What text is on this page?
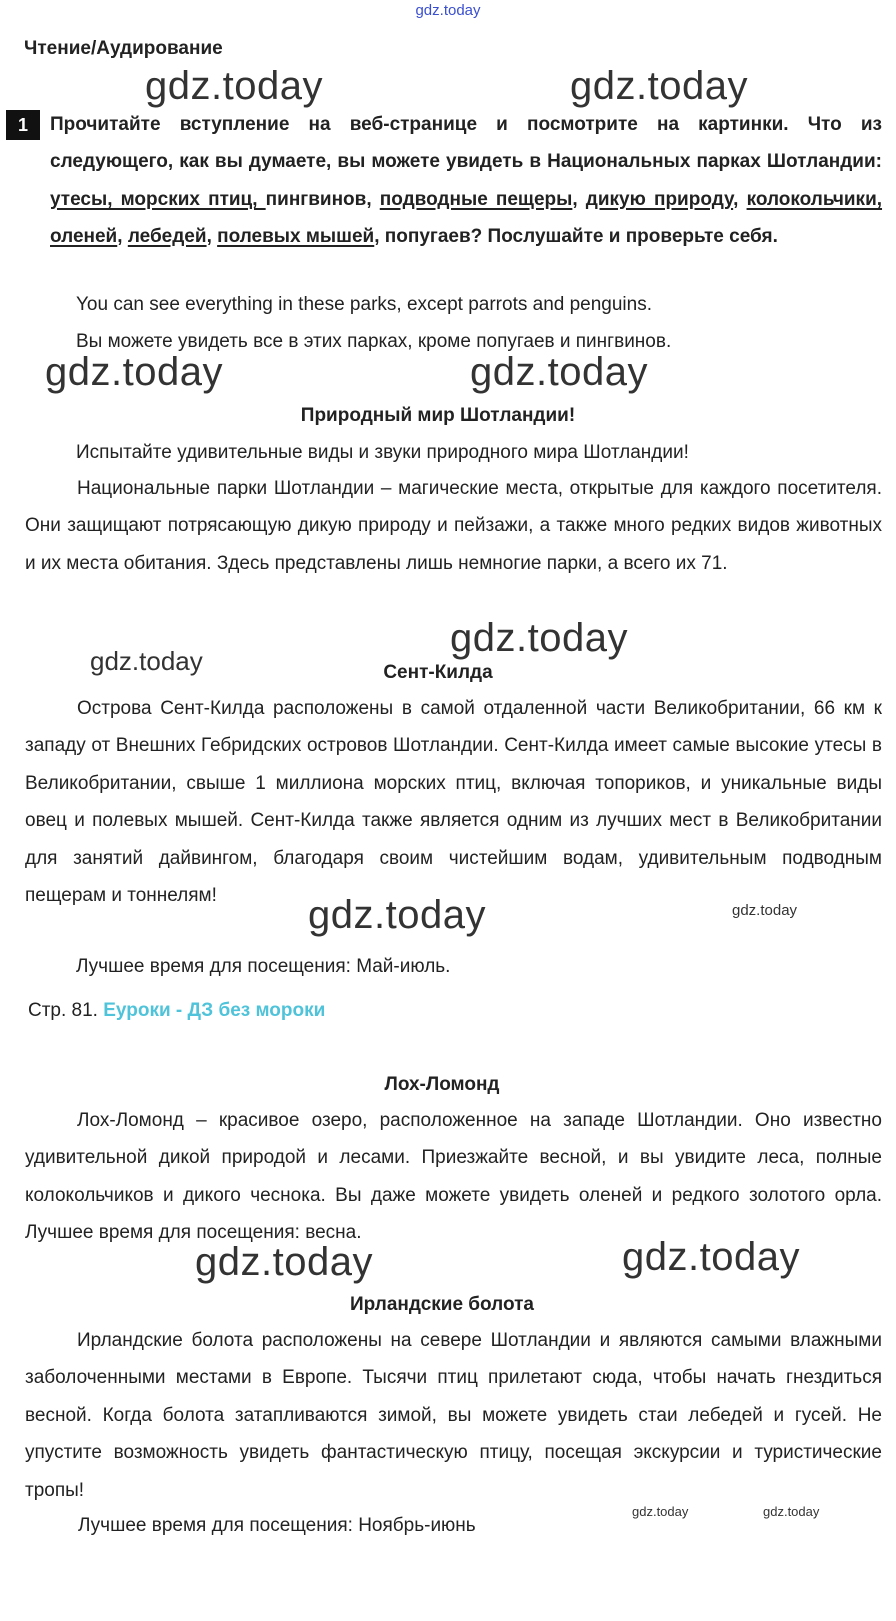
gdz.today
Чтение/Аудирование
gdz.today	gdz.today
gdz.today	gdz.today
gdz.today
gdz.today
gdz.today	gdz.today
gdz.today	gdz.today
gdz.today	gdz.today
1	Прочитайте вступление на веб-странице и посмотрите на картинки. Что из следующего, как вы думаете, вы можете увидеть в Национальных парках Шотландии: утесы, морских птиц, пингвинов, подводные пещеры, дикую природу, колокольчики, оленей, лебедей, полевых мышей, попугаев? Послушайте и проверьте себя.
You can see everything in these parks, except parrots and penguins.
Вы можете увидеть все в этих парках, кроме попугаев и пингвинов.
Природный мир Шотландии!
Испытайте удивительные виды и звуки природного мира Шотландии!
Национальные парки Шотландии – магические места, открытые для каждого посетителя. Они защищают потрясающую дикую природу и пейзажи, а также много редких видов животных и их места обитания. Здесь представлены лишь немногие парки, а всего их 71.
Сент-Килда
Острова Сент-Килда расположены в самой отдаленной части Великобритании, 66 км к западу от Внешних Гебридских островов Шотландии. Сент-Килда имеет самые высокие утесы в Великобритании, свыше 1 миллиона морских птиц, включая топориков, и уникальные виды овец и полевых мышей. Сент-Килда также является одним из лучших мест в Великобритании для занятий дайвингом, благодаря своим чистейшим водам, удивительным подводным пещерам и тоннелям!
Лучшее время для посещения: Май-июль.
Стр. 81. Еуроки - ДЗ без мороки
Лох-Ломонд
Лох-Ломонд – красивое озеро, расположенное на западе Шотландии. Оно известно удивительной дикой природой и лесами. Приезжайте весной, и вы увидите леса, полные колокольчиков и дикого чеснока. Вы даже можете увидеть оленей и редкого золотого орла. Лучшее время для посещения: весна.
Ирландские болота
Ирландские болота расположены на севере Шотландии и являются самыми влажными заболоченными местами в Европе. Тысячи птиц прилетают сюда, чтобы начать гнездиться весной. Когда болота затапливаются зимой, вы можете увидеть стаи лебедей и гусей. Не упустите возможность увидеть фантастическую птицу, посещая экскурсии и туристические тропы!
Лучшее время для посещения: Ноябрь-июнь
